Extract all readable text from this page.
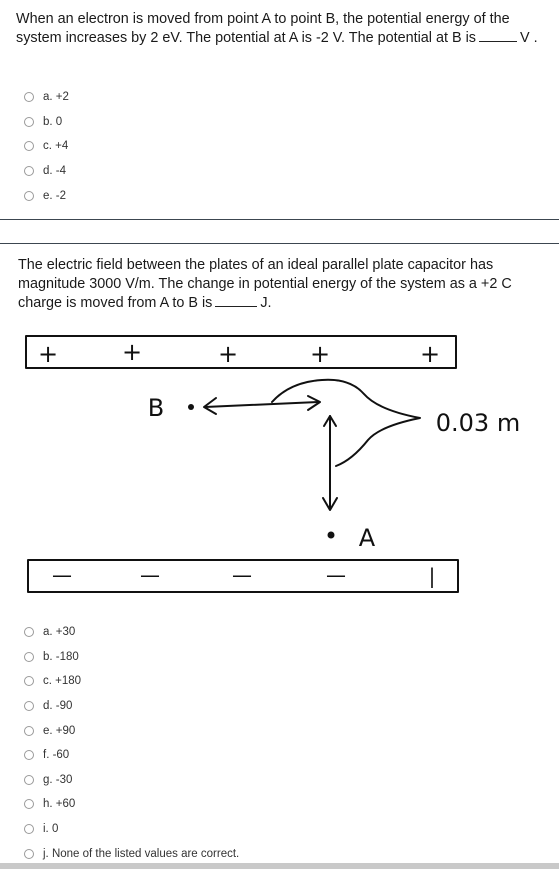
When an electron is moved from point A to point B, the potential energy of the system increases by 2 eV. The potential at A is -2 V. The potential at B is	V .
a. +2
b. 0
c. +4
d. -4
e. -2
The electric field between the plates of an ideal parallel plate capacitor has magnitude 3000 V/m. The change in potential energy of the system as a +2 C charge is moved from A to B is	J.
+	+	+	+	+
—	—	—	—	|
B
A
0.03 m
a. +30
b. -180
c. +180
d. -90
e. +90
f. -60
g. -30
h. +60
i. 0
j. None of the listed values are correct.
